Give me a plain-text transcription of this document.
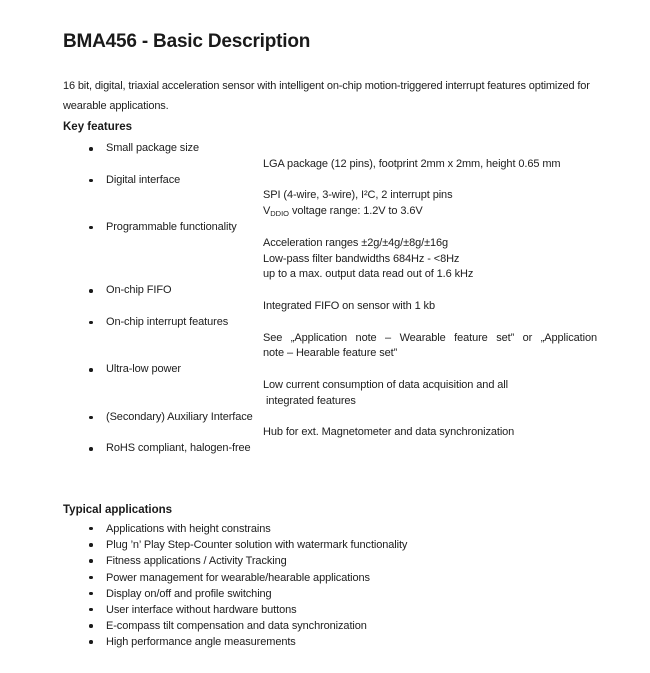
BMA456 - Basic Description

16 bit, digital, triaxial acceleration sensor with intelligent on-chip motion-triggered interrupt features optimized for wearable applications.

Key features
Small package size
LGA package (12 pins), footprint 2mm x 2mm, height 0.65 mm
Digital interface
SPI (4-wire, 3-wire), I²C, 2 interrupt pins
VDDIO voltage range: 1.2V to 3.6V
Programmable functionality
Acceleration ranges ±2g/±4g/±8g/±16g
Low-pass filter bandwidths 684Hz - <8Hz
up to a max. output data read out of 1.6 kHz
On-chip FIFO
Integrated FIFO on sensor with 1 kb
On-chip interrupt features
See „Application note – Wearable feature set” or „Application
note – Hearable feature set”
Ultra-low power
Low current consumption of data acquisition and all
integrated features
(Secondary) Auxiliary Interface
Hub for ext. Magnetometer and data synchronization
RoHS compliant, halogen-free
Typical applications
Applications with height constrains
Plug ’n’ Play Step-Counter solution with watermark functionality
Fitness applications / Activity Tracking
Power management for wearable/hearable applications
Display on/off and profile switching
User interface without hardware buttons
E-compass tilt compensation and data synchronization
High performance angle measurements
